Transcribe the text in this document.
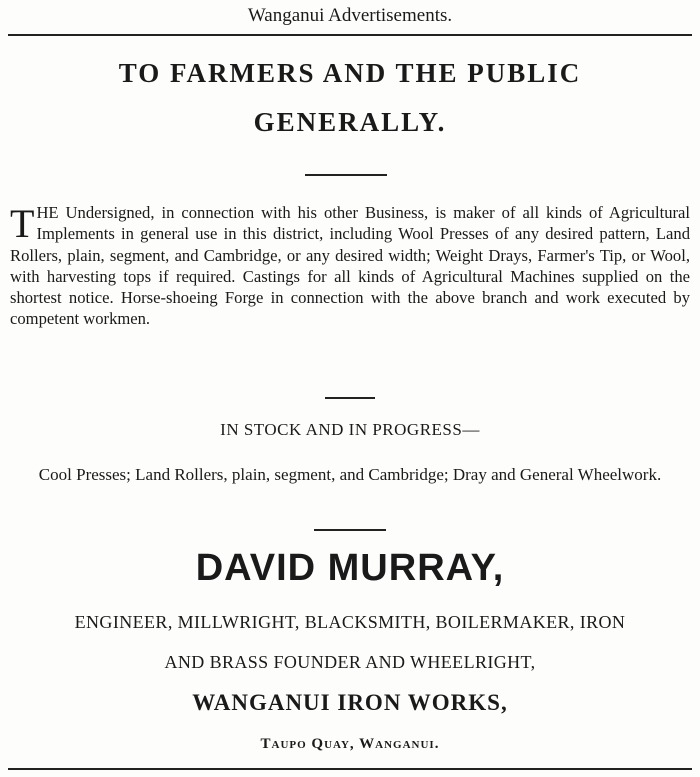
Wanganui Advertisements.
TO FARMERS AND THE PUBLIC
GENERALLY.
THE Undersigned, in connection with his other Business, is maker of all kinds of Agricultural Implements in general use in this district, including Wool Presses of any desired pattern, Land Rollers, plain, segment, and Cambridge, or any desired width; Weight Drays, Farmer's Tip, or Wool, with harvesting tops if required. Castings for all kinds of Agricultural Machines supplied on the shortest notice. Horse-shoeing Forge in connection with the above branch and work executed by competent workmen.
IN STOCK AND IN PROGRESS—
Cool Presses; Land Rollers, plain, segment, and Cambridge; Dray and General Wheelwork.
DAVID MURRAY,
ENGINEER, MILLWRIGHT, BLACKSMITH, BOILERMAKER, IRON
AND BRASS FOUNDER AND WHEELRIGHT,
WANGANUI IRON WORKS,
Taupo Quay, Wanganui.
